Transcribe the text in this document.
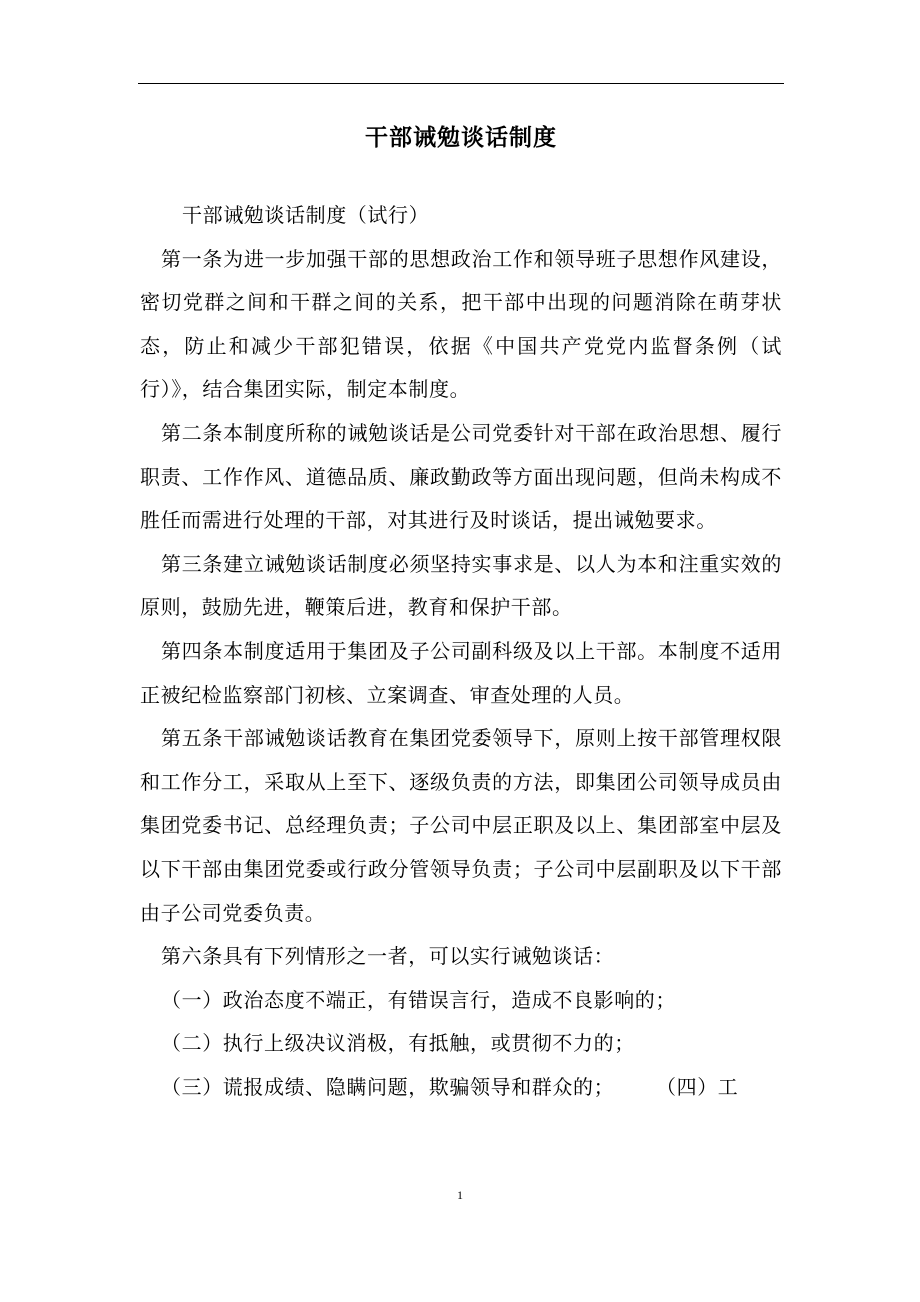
干部诫勉谈话制度

干部诫勉谈话制度（试行）

第一条为进一步加强干部的思想政治工作和领导班子思想作风建设，密切党群之间和干群之间的关系，把干部中出现的问题消除在萌芽状态，防止和减少干部犯错误，依据《中国共产党党内监督条例（试行）》，结合集团实际，制定本制度。

第二条本制度所称的诫勉谈话是公司党委针对干部在政治思想、履行职责、工作作风、道德品质、廉政勤政等方面出现问题，但尚未构成不胜任而需进行处理的干部，对其进行及时谈话，提出诫勉要求。

第三条建立诫勉谈话制度必须坚持实事求是、以人为本和注重实效的原则，鼓励先进，鞭策后进，教育和保护干部。

第四条本制度适用于集团及子公司副科级及以上干部。本制度不适用正被纪检监察部门初核、立案调查、审查处理的人员。

第五条干部诫勉谈话教育在集团党委领导下，原则上按干部管理权限和工作分工，采取从上至下、逐级负责的方法，即集团公司领导成员由集团党委书记、总经理负责；子公司中层正职及以上、集团部室中层及以下干部由集团党委或行政分管领导负责；子公司中层副职及以下干部由子公司党委负责。

第六条具有下列情形之一者，可以实行诫勉谈话：

（一）政治态度不端正，有错误言行，造成不良影响的；

（二）执行上级决议消极，有抵触，或贯彻不力的；

（三）谎报成绩、隐瞒问题，欺骗领导和群众的；　　　（四）工

1
